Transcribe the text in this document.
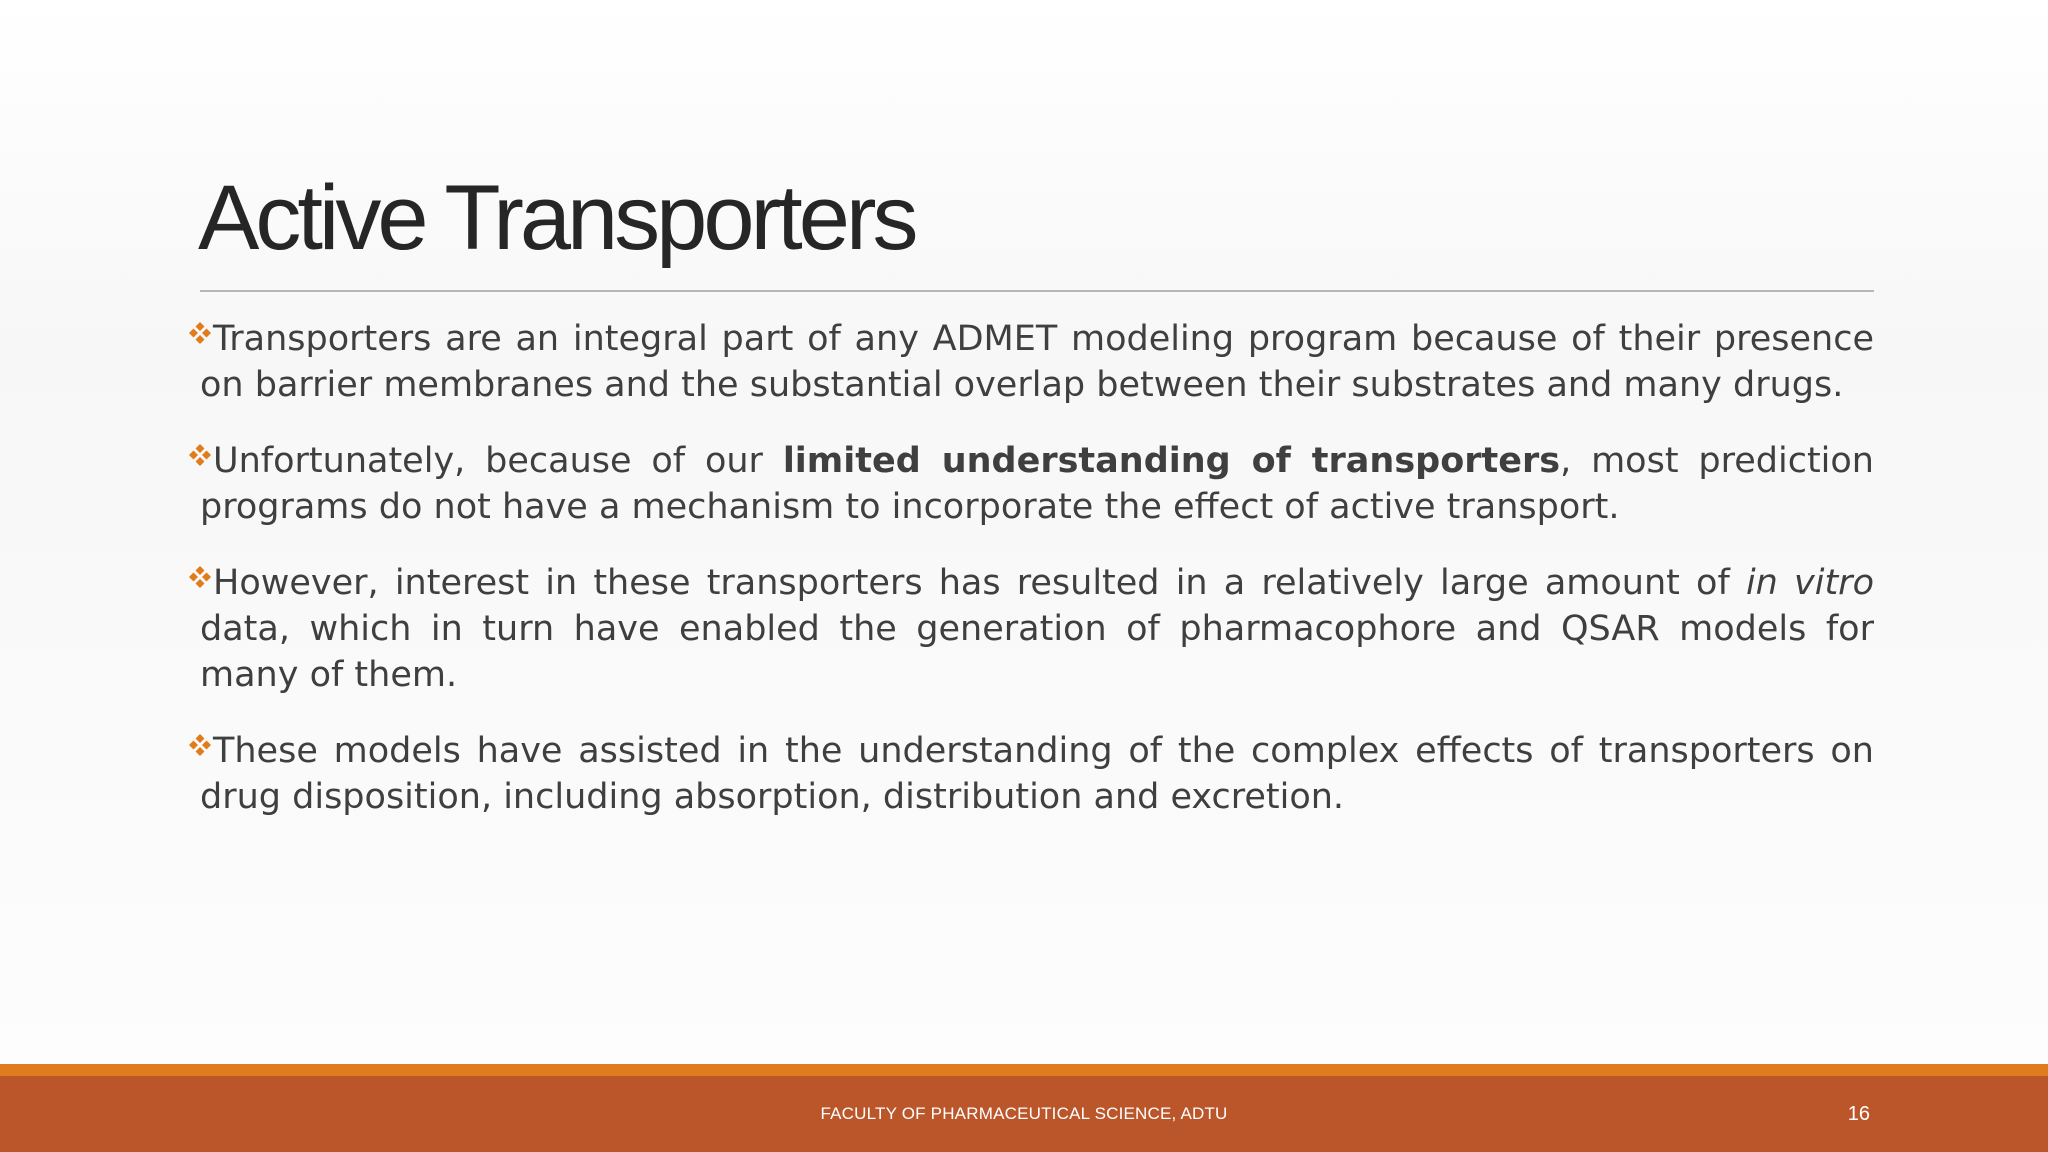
Active Transporters

Transporters are an integral part of any ADMET modeling program because of their presence on barrier membranes and the substantial overlap between their substrates and many drugs.

Unfortunately, because of our limited understanding of transporters, most prediction programs do not have a mechanism to incorporate the effect of active transport.

However, interest in these transporters has resulted in a relatively large amount of in vitro data, which in turn have enabled the generation of pharmacophore and QSAR models for many of them.

These models have assisted in the understanding of the complex effects of transporters on drug disposition, including absorption, distribution and excretion.

FACULTY OF PHARMACEUTICAL SCIENCE, ADTU	16
